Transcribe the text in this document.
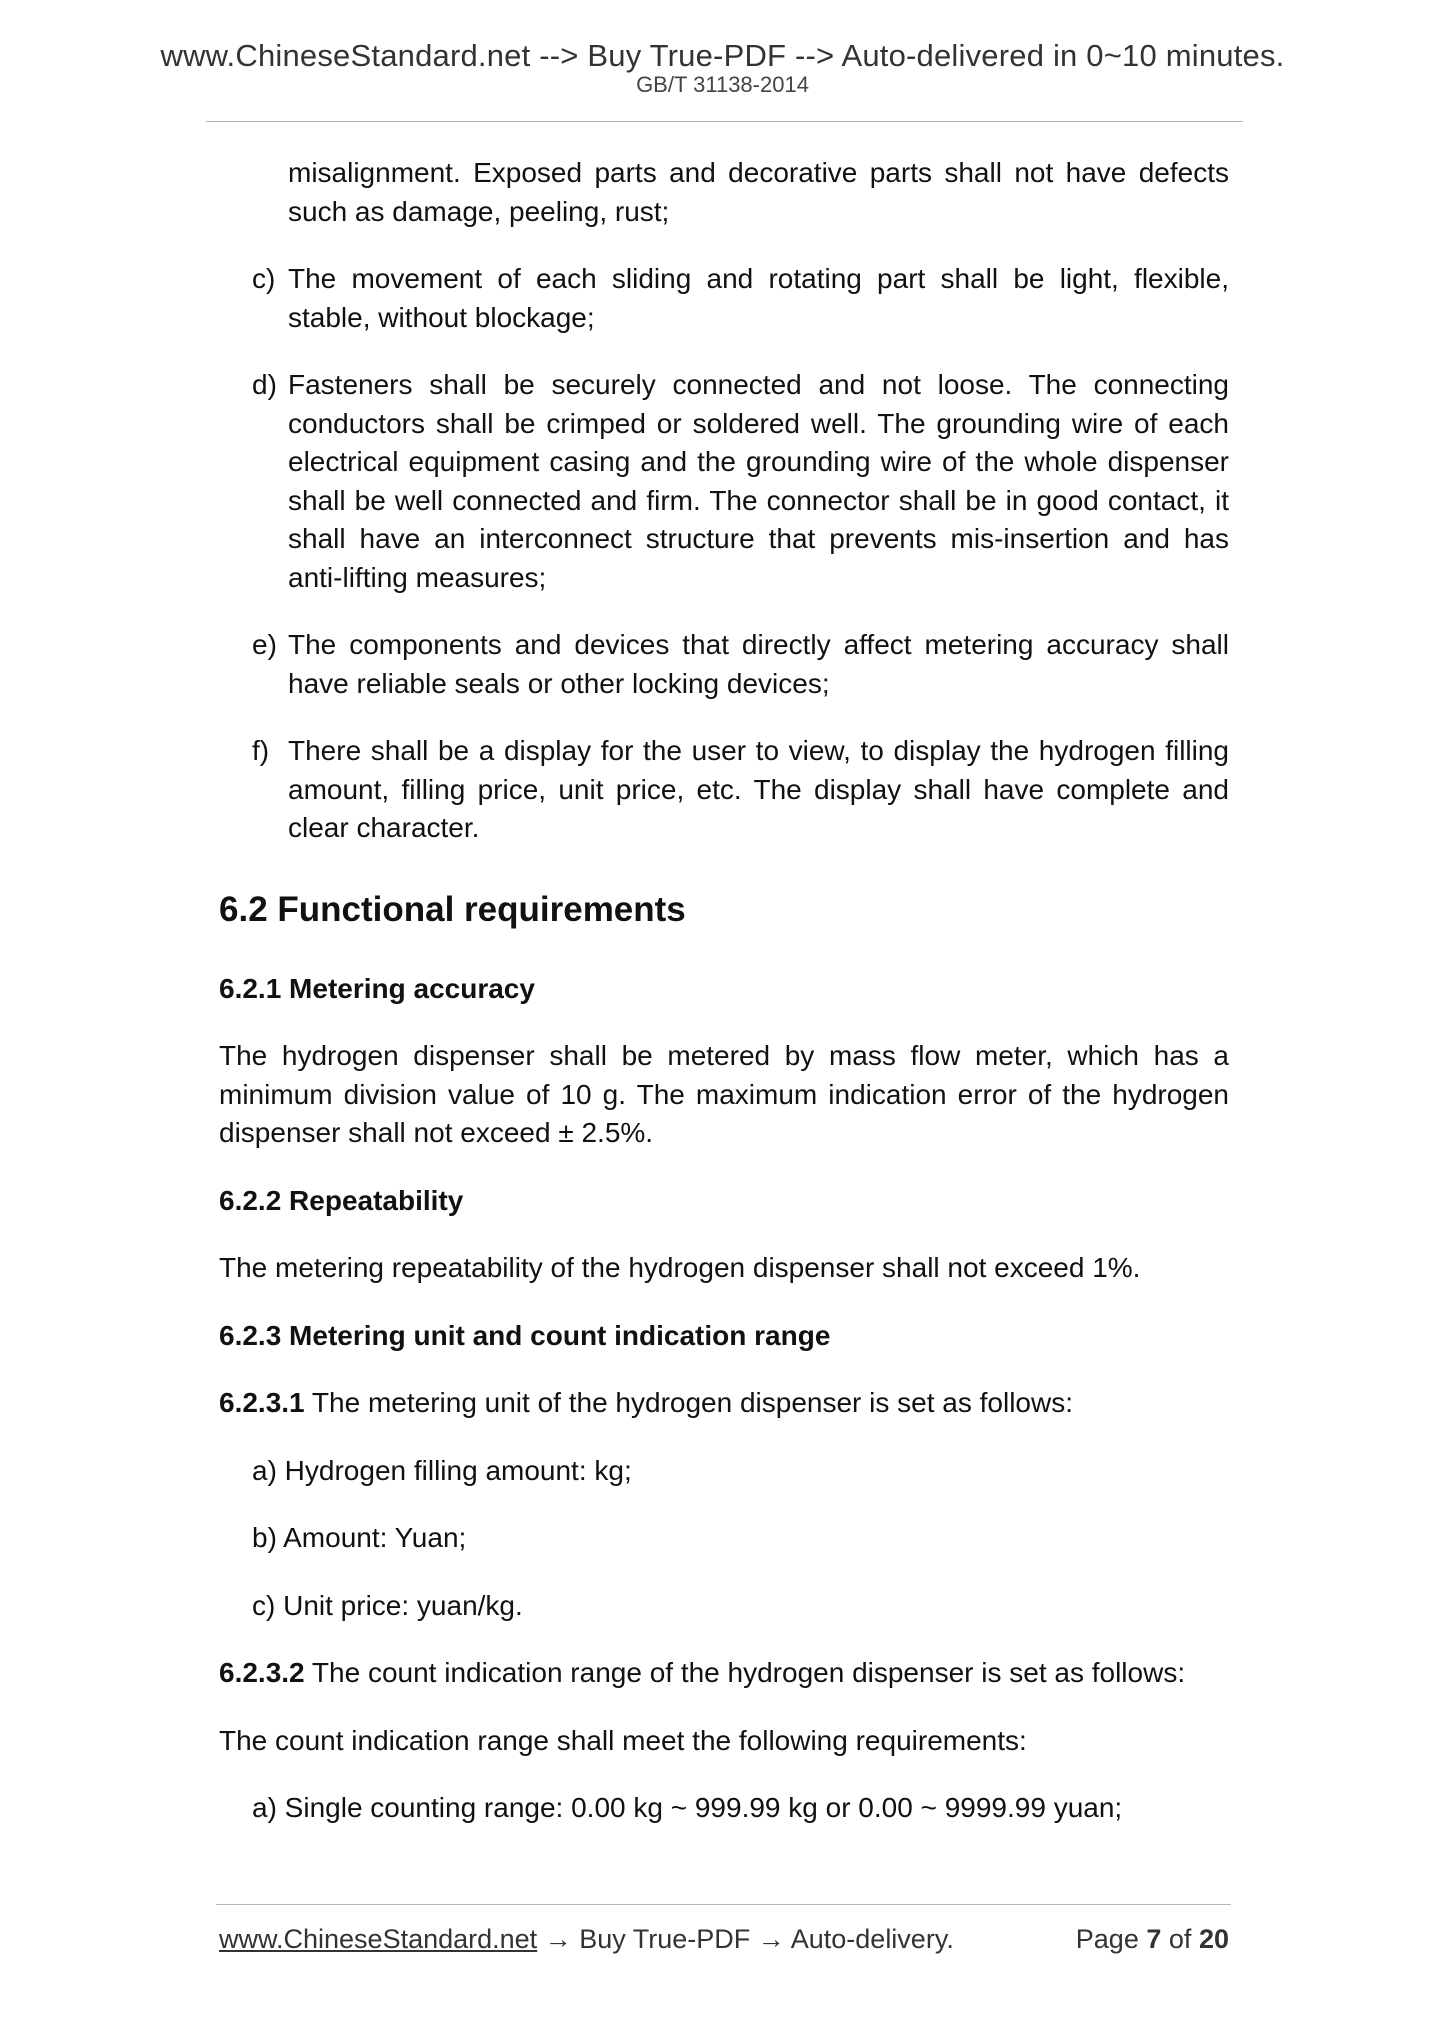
www.ChineseStandard.net --> Buy True-PDF --> Auto-delivered in 0~10 minutes.
GB/T 31138-2014
misalignment. Exposed parts and decorative parts shall not have defects such as damage, peeling, rust;
c) The movement of each sliding and rotating part shall be light, flexible, stable, without blockage;
d) Fasteners shall be securely connected and not loose. The connecting conductors shall be crimped or soldered well. The grounding wire of each electrical equipment casing and the grounding wire of the whole dispenser shall be well connected and firm. The connector shall be in good contact, it shall have an interconnect structure that prevents mis-insertion and has anti-lifting measures;
e) The components and devices that directly affect metering accuracy shall have reliable seals or other locking devices;
f) There shall be a display for the user to view, to display the hydrogen filling amount, filling price, unit price, etc. The display shall have complete and clear character.
6.2 Functional requirements
6.2.1 Metering accuracy
The hydrogen dispenser shall be metered by mass flow meter, which has a minimum division value of 10 g. The maximum indication error of the hydrogen dispenser shall not exceed ± 2.5%.
6.2.2 Repeatability
The metering repeatability of the hydrogen dispenser shall not exceed 1%.
6.2.3 Metering unit and count indication range
6.2.3.1 The metering unit of the hydrogen dispenser is set as follows:
a) Hydrogen filling amount: kg;
b) Amount: Yuan;
c) Unit price: yuan/kg.
6.2.3.2 The count indication range of the hydrogen dispenser is set as follows:
The count indication range shall meet the following requirements:
a) Single counting range: 0.00 kg ~ 999.99 kg or 0.00 ~ 9999.99 yuan;
www.ChineseStandard.net → Buy True-PDF → Auto-delivery.	Page 7 of 20
